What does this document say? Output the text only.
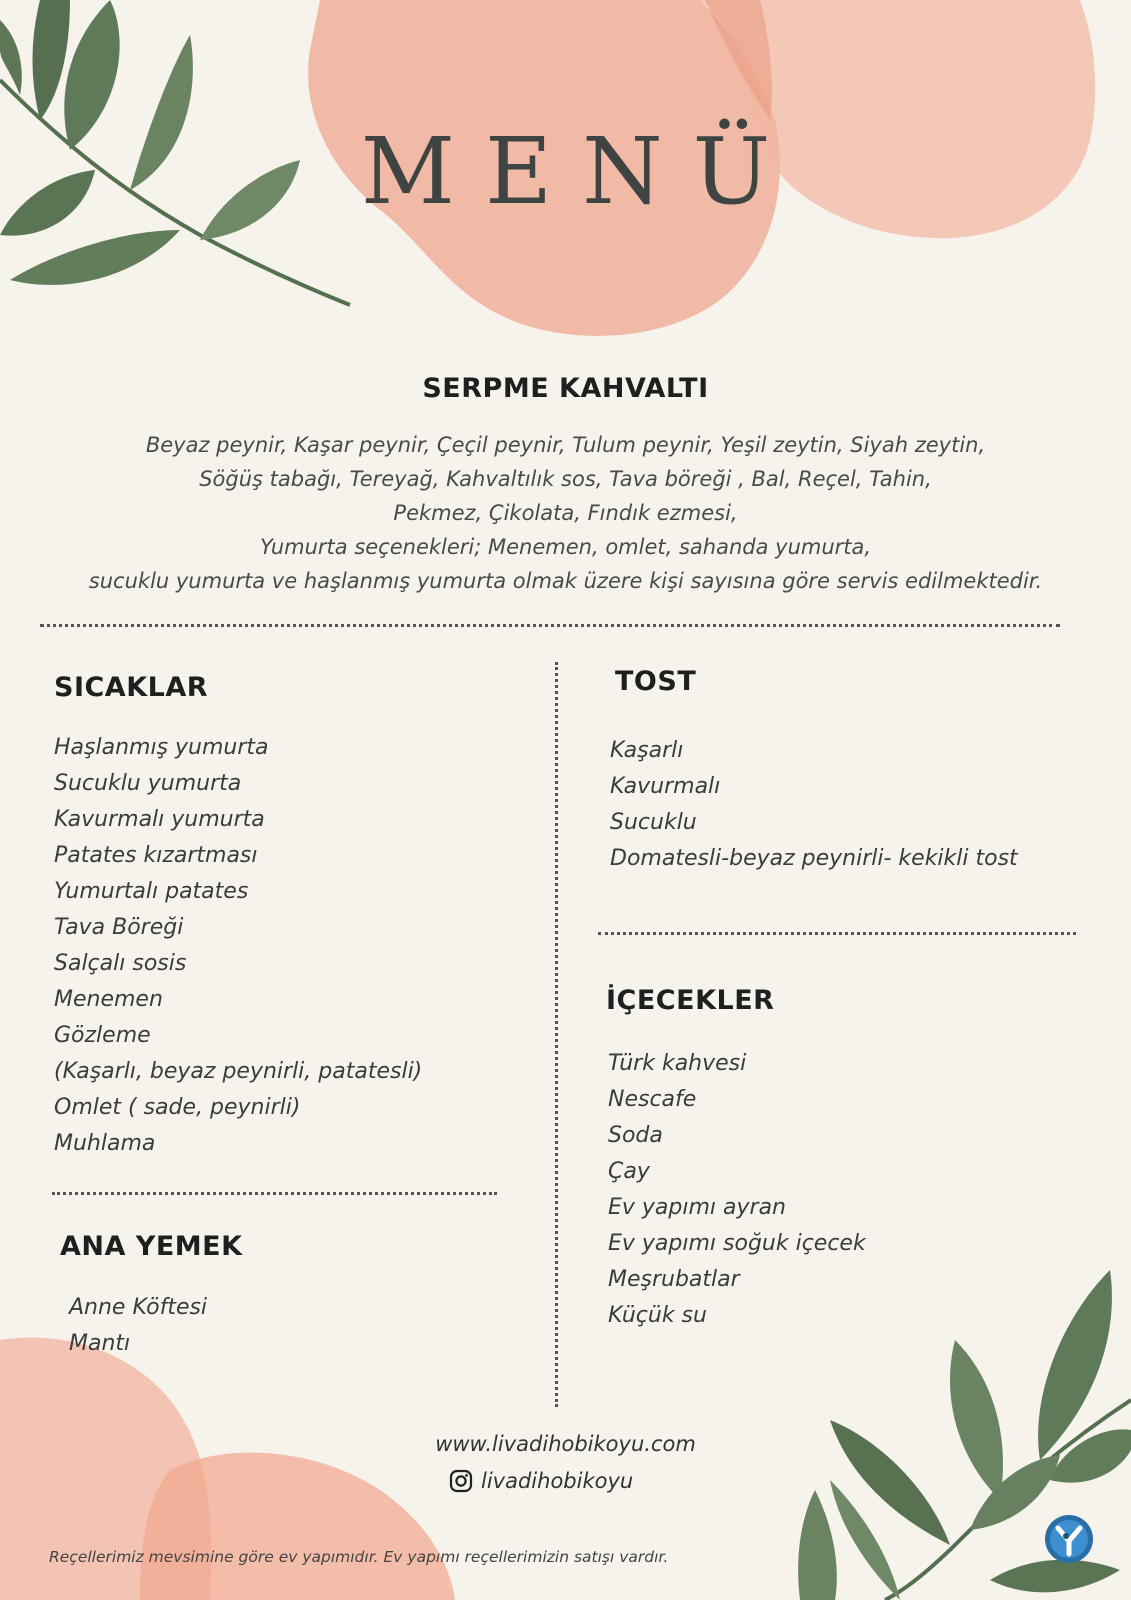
MENÜ
SERPME KAHVALTI
Beyaz peynir, Kaşar peynir, Çeçil peynir, Tulum peynir, Yeşil zeytin, Siyah zeytin,
Söğüş tabağı, Tereyağ, Kahvaltılık sos, Tava böreği , Bal, Reçel, Tahin,
Pekmez, Çikolata, Fındık ezmesi,
Yumurta seçenekleri; Menemen, omlet, sahanda yumurta,
sucuklu yumurta ve haşlanmış yumurta olmak üzere kişi sayısına göre servis edilmektedir.
SICAKLAR
Haşlanmış yumurta
Sucuklu yumurta
Kavurmalı yumurta
Patates kızartması
Yumurtalı patates
Tava Böreği
Salçalı sosis
Menemen
Gözleme
(Kaşarlı, beyaz peynirli, patatesli)
Omlet ( sade, peynirli)
Muhlama
ANA YEMEK
Anne Köftesi
Mantı
TOST
Kaşarlı
Kavurmalı
Sucuklu
Domatesli-beyaz peynirli- kekikli tost
İÇECEKLER
Türk kahvesi
Nescafe
Soda
Çay
Ev yapımı ayran
Ev yapımı soğuk içecek
Meşrubatlar
Küçük su
www.livadihobikoyu.com
livadihobikoyu
Reçellerimiz mevsimine göre ev yapımıdır. Ev yapımı reçellerimizin satışı vardır.
